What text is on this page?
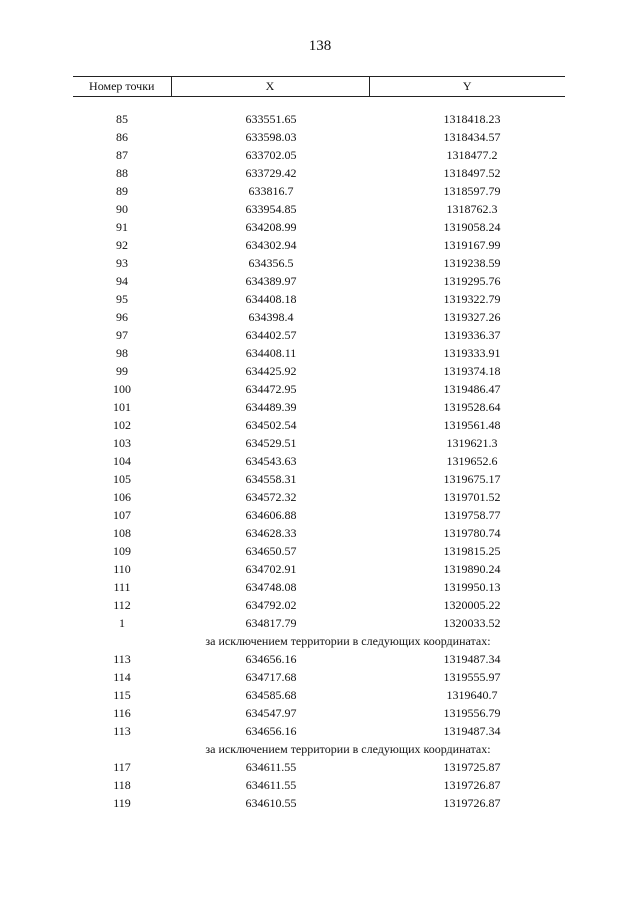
138
Номер точки	X	Y

85	633551.65	1318418.23
86	633598.03	1318434.57
87	633702.05	1318477.2
88	633729.42	1318497.52
89	633816.7	1318597.79
90	633954.85	1318762.3
91	634208.99	1319058.24
92	634302.94	1319167.99
93	634356.5	1319238.59
94	634389.97	1319295.76
95	634408.18	1319322.79
96	634398.4	1319327.26
97	634402.57	1319336.37
98	634408.11	1319333.91
99	634425.92	1319374.18
100	634472.95	1319486.47
101	634489.39	1319528.64
102	634502.54	1319561.48
103	634529.51	1319621.3
104	634543.63	1319652.6
105	634558.31	1319675.17
106	634572.32	1319701.52
107	634606.88	1319758.77
108	634628.33	1319780.74
109	634650.57	1319815.25
110	634702.91	1319890.24
111	634748.08	1319950.13
112	634792.02	1320005.22
1	634817.79	1320033.52
за исключением территории в следующих координатах:		
113	634656.16	1319487.34
114	634717.68	1319555.97
115	634585.68	1319640.7
116	634547.97	1319556.79
113	634656.16	1319487.34
за исключением территории в следующих координатах:		
117	634611.55	1319725.87
118	634611.55	1319726.87
119	634610.55	1319726.87
